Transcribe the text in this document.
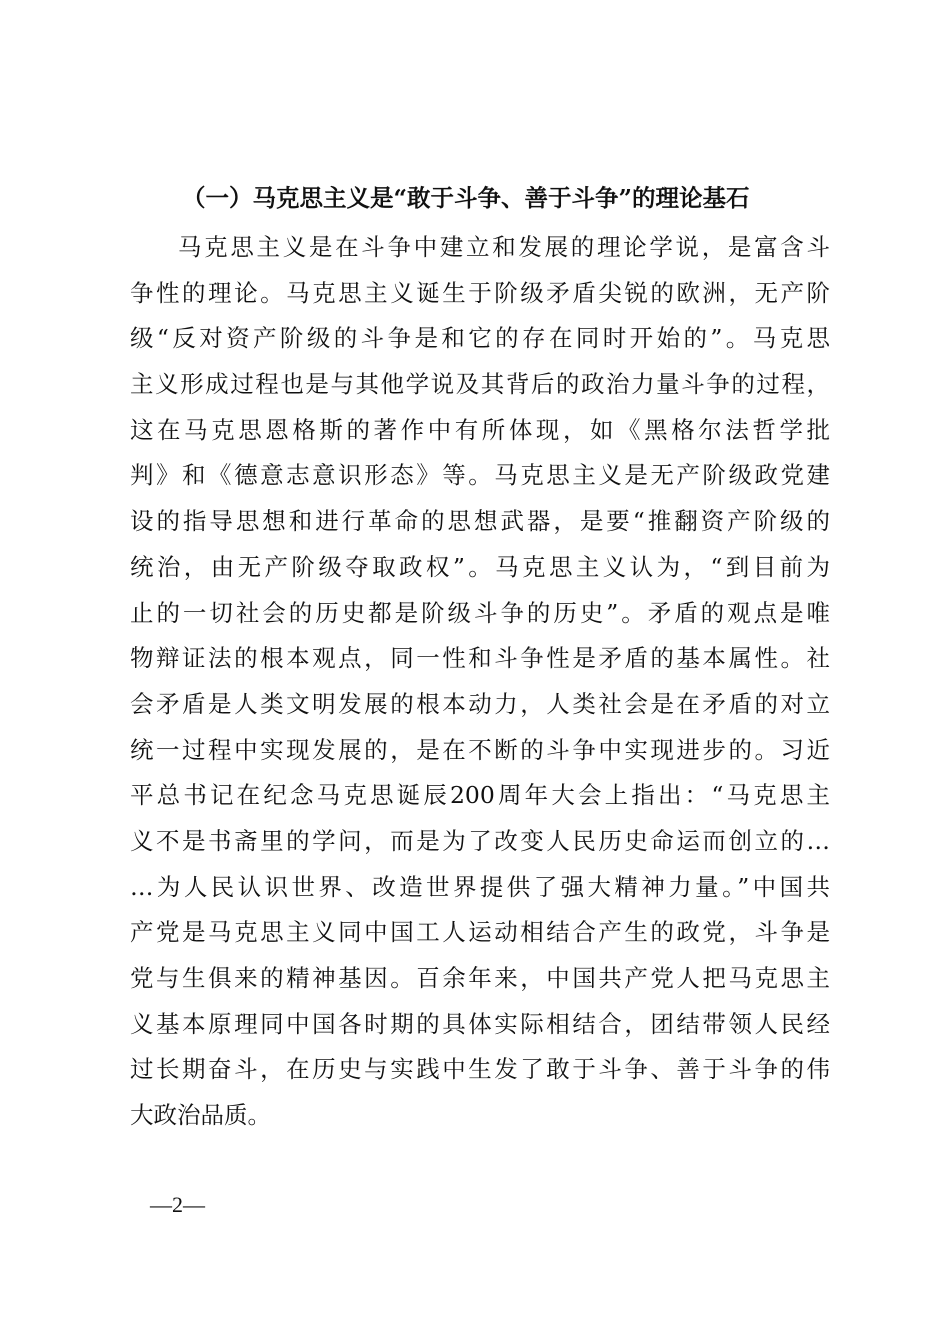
（一）马克思主义是“敢于斗争、善于斗争”的理论基石
马克思主义是在斗争中建立和发展的理论学说，是富含斗
争性的理论。马克思主义诞生于阶级矛盾尖锐的欧洲，无产阶
级“反对资产阶级的斗争是和它的存在同时开始的”。马克思
主义形成过程也是与其他学说及其背后的政治力量斗争的过程，
这在马克思恩格斯的著作中有所体现，如《黑格尔法哲学批
判》和《德意志意识形态》等。马克思主义是无产阶级政党建
设的指导思想和进行革命的思想武器，是要“推翻资产阶级的
统治，由无产阶级夺取政权”。马克思主义认为，“到目前为
止的一切社会的历史都是阶级斗争的历史”。矛盾的观点是唯
物辩证法的根本观点，同一性和斗争性是矛盾的基本属性。社
会矛盾是人类文明发展的根本动力，人类社会是在矛盾的对立
统一过程中实现发展的，是在不断的斗争中实现进步的。习近
平总书记在纪念马克思诞辰200周年大会上指出：“马克思主
义不是书斋里的学问，而是为了改变人民历史命运而创立的…
…为人民认识世界、改造世界提供了强大精神力量。”中国共
产党是马克思主义同中国工人运动相结合产生的政党，斗争是
党与生俱来的精神基因。百余年来，中国共产党人把马克思主
义基本原理同中国各时期的具体实际相结合，团结带领人民经
过长期奋斗，在历史与实践中生发了敢于斗争、善于斗争的伟
大政治品质。
—2—
